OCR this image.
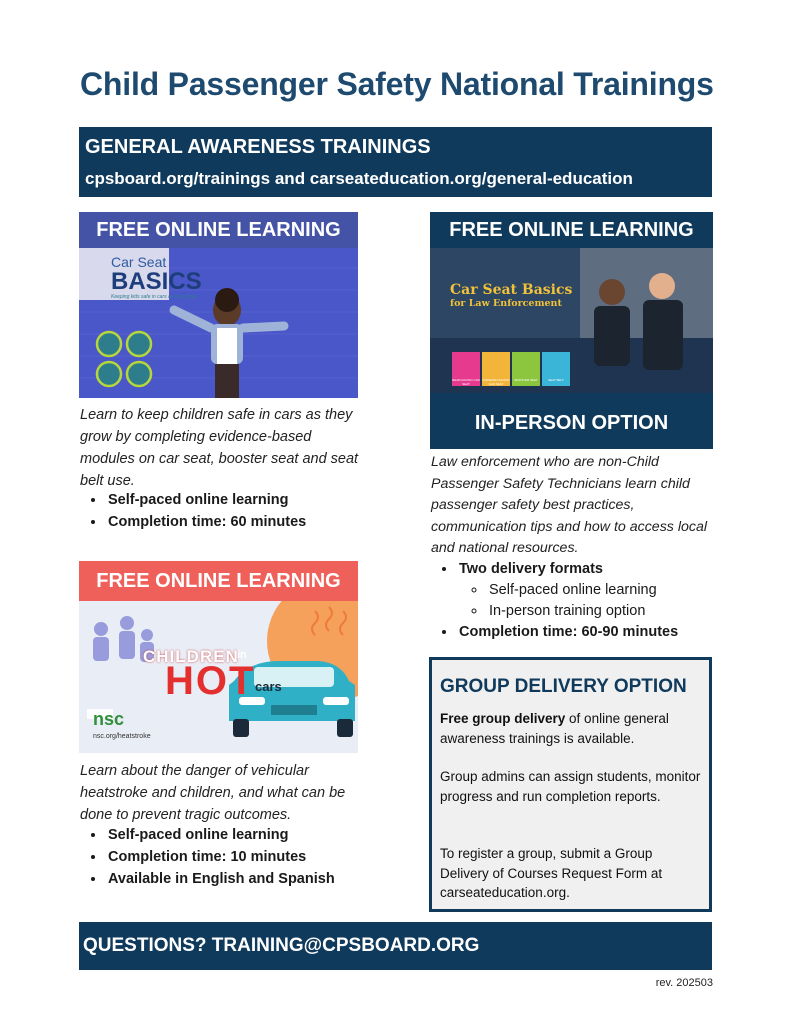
Child Passenger Safety National Trainings
GENERAL AWARENESS TRAININGS
cpsboard.org/trainings and carseateducation.org/general-education
FREE ONLINE LEARNING
Car Seat
BASICS
Keeping kids safe in cars as they grow
Learn to keep children safe in cars as they grow by completing evidence-based modules on car seat, booster seat and seat belt use.
• Self-paced online learning
• Completion time: 60 minutes
FREE ONLINE LEARNING
CHILDREN
in
HOT cars
nsc
nsc.org/heatstroke
Learn about the danger of vehicular heatstroke and children, and what can be done to prevent tragic outcomes.
• Self-paced online learning
• Completion time: 10 minutes
• Available in English and Spanish
FREE ONLINE LEARNING
Car Seat Basics
for Law Enforcement
REAR-FACING CAR SEAT
FORWARD-FACING CAR SEAT
BOOSTER SEAT	SEAT BELT
IN-PERSON OPTION
Law enforcement who are non-Child Passenger Safety Technicians learn child passenger safety best practices, communication tips and how to access local and national resources.
• Two delivery formats
◦ Self-paced online learning
◦ In-person training option
• Completion time: 60-90 minutes
GROUP DELIVERY OPTION
Free group delivery of online general awareness trainings is available.
Group admins can assign students, monitor progress and run completion reports.
To register a group, submit a Group Delivery of Courses Request Form at carseateducation.org.
QUESTIONS? TRAINING@CPSBOARD.ORG
rev. 202503
